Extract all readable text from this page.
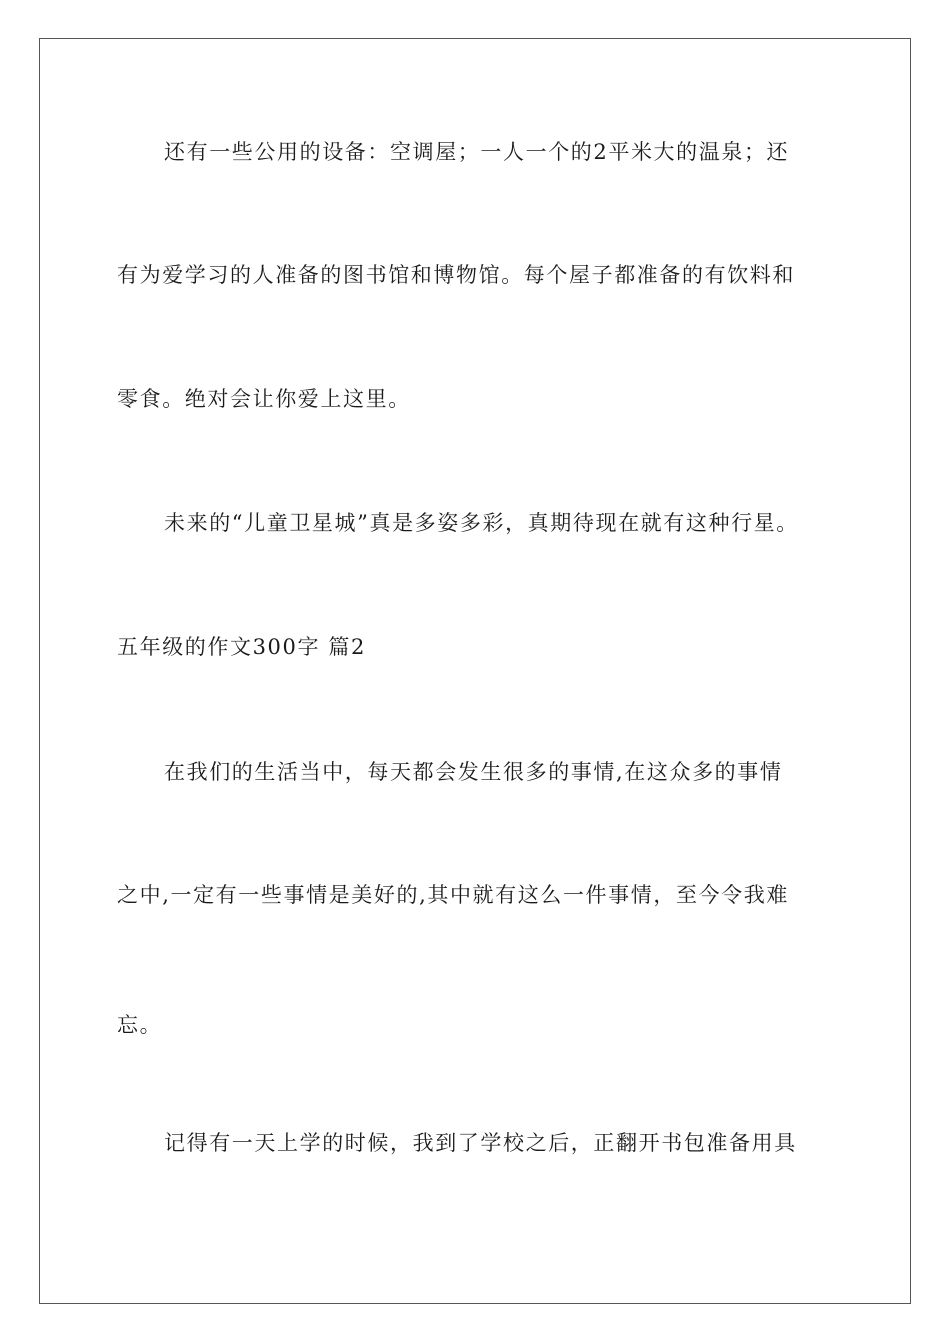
还有一些公用的设备：空调屋；一人一个的2平米大的温泉；还
有为爱学习的人准备的图书馆和博物馆。每个屋子都准备的有饮料和
零食。绝对会让你爱上这里。
未来的“儿童卫星城”真是多姿多彩，真期待现在就有这种行星。
五年级的作文300字 篇2
在我们的生活当中，每天都会发生很多的事情,在这众多的事情
之中,一定有一些事情是美好的,其中就有这么一件事情，至今令我难
忘。
记得有一天上学的时候，我到了学校之后，正翻开书包准备用具
